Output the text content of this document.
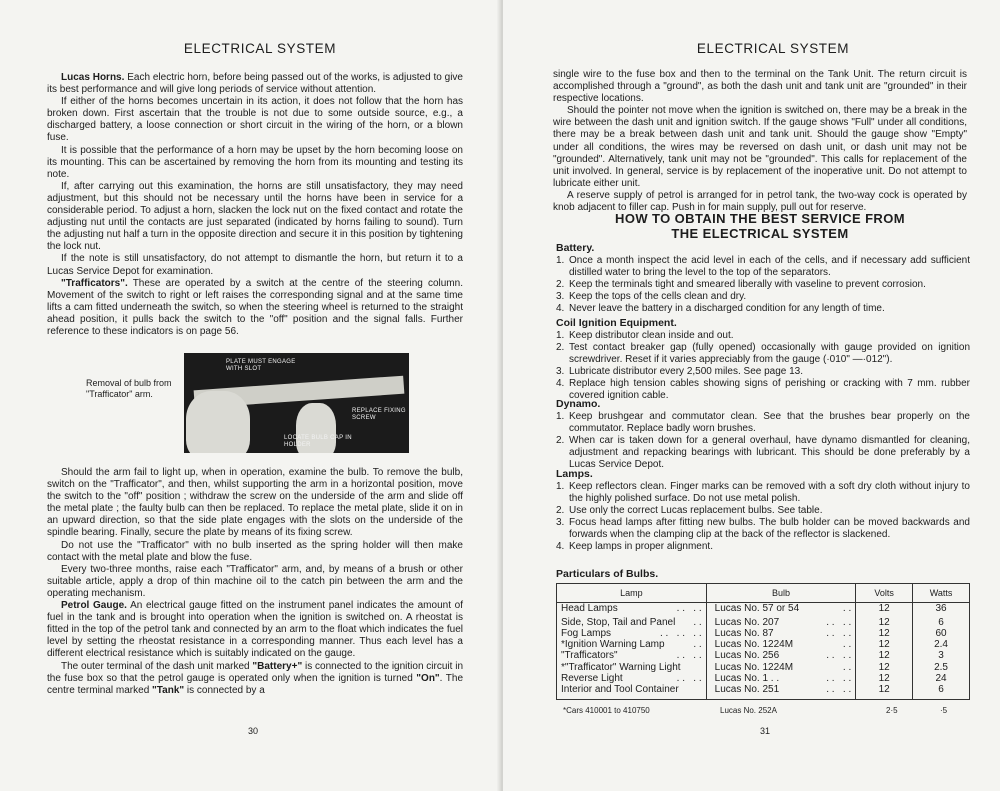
ELECTRICAL SYSTEM

Lucas Horns. Each electric horn, before being passed out of the works, is adjusted to give its best performance and will give long periods of service without attention.

If either of the horns becomes uncertain in its action, it does not follow that the horn has broken down. First ascertain that the trouble is not due to some outside source, e.g., a discharged battery, a loose connection or short circuit in the wiring of the horn, or a blown fuse.

It is possible that the performance of a horn may be upset by the horn becoming loose on its mounting. This can be ascertained by removing the horn from its mounting and testing its note.

If, after carrying out this examination, the horns are still unsatisfactory, they may need adjustment, but this should not be necessary until the horns have been in service for a considerable period. To adjust a horn, slacken the lock nut on the fixed contact and rotate the adjusting nut until the contacts are just separated (indicated by horns failing to sound). Turn the adjusting nut half a turn in the opposite direction and secure it in this position by tightening the lock nut.

If the note is still unsatisfactory, do not attempt to dismantle the horn, but return it to a Lucas Service Depot for examination.

"Trafficators". These are operated by a switch at the centre of the steering column. Movement of the switch to right or left raises the corresponding signal and at the same time lifts a cam fitted underneath the switch, so when the steering wheel is returned to the straight ahead position, it pulls back the switch to the "off" position and the signal falls. Further reference to these indicators is on page 56.

Removal of bulb from "Trafficator" arm.
PLATE MUST ENGAGE WITH SLOT
REPLACE FIXING SCREW
LOCATE BULB CAP IN HOLDER

Should the arm fail to light up, when in operation, examine the bulb. To remove the bulb, switch on the "Trafficator", and then, whilst supporting the arm in a horizontal position, move the switch to the "off" position ; withdraw the screw on the underside of the arm and slide off the metal plate ; the faulty bulb can then be replaced. To replace the metal plate, slide it on in an upward direction, so that the side plate engages with the slots on the underside of the spindle bearing. Finally, secure the plate by means of its fixing screw.

Do not use the "Trafficator" with no bulb inserted as the spring holder will then make contact with the metal plate and blow the fuse.

Every two-three months, raise each "Trafficator" arm, and, by means of a brush or other suitable article, apply a drop of thin machine oil to the catch pin between the arm and the operating mechanism.

Petrol Gauge. An electrical gauge fitted on the instrument panel indicates the amount of fuel in the tank and is brought into operation when the ignition is switched on. A rheostat is fitted in the top of the petrol tank and connected by an arm to the float which indicates the fuel level by setting the rheostat resistance in a corresponding manner. Thus each level has a different electrical resistance which is suitably indicated on the gauge.

The outer terminal of the dash unit marked "Battery+" is connected to the ignition circuit in the fuse box so that the petrol gauge is operated only when the ignition is turned "On". The centre terminal marked "Tank" is connected by a

30
ELECTRICAL SYSTEM

single wire to the fuse box and then to the terminal on the Tank Unit. The return circuit is accomplished through a "ground", as both the dash unit and tank unit are "grounded" in their respective locations.

Should the pointer not move when the ignition is switched on, there may be a break in the wire between the dash unit and ignition switch. If the gauge shows "Full" under all conditions, there may be a break between dash unit and tank unit. Should the gauge show "Empty" under all conditions, the wires may be reversed on dash unit, or dash unit may not be "grounded". Alternatively, tank unit may not be "grounded". This calls for replacement of the unit involved. In general, service is by replacement of the inoperative unit. Do not attempt to lubricate either unit.

A reserve supply of petrol is arranged for in petrol tank, the two-way cock is operated by knob adjacent to filler cap. Push in for main supply, pull out for reserve.

HOW TO OBTAIN THE BEST SERVICE FROM
THE ELECTRICAL SYSTEM
Battery.
1. Once a month inspect the acid level in each of the cells, and if necessary add sufficient distilled water to bring the level to the top of the separators.
2. Keep the terminals tight and smeared liberally with vaseline to prevent corrosion.
3. Keep the tops of the cells clean and dry.
4. Never leave the battery in a discharged condition for any length of time.
Coil Ignition Equipment.
1. Keep distributor clean inside and out.
2. Test contact breaker gap (fully opened) occasionally with gauge provided on ignition screwdriver. Reset if it varies appreciably from the gauge (·010" —·012").
3. Lubricate distributor every 2,500 miles. See page 13.
4. Replace high tension cables showing signs of perishing or cracking with 7 mm. rubber covered ignition cable.
Dynamo.
1. Keep brushgear and commutator clean. See that the brushes bear properly on the commutator. Replace badly worn brushes.
2. When car is taken down for a general overhaul, have dynamo dismantled for cleaning, adjustment and repacking bearings with lubricant. This should be done preferably by a Lucas Service Depot.
Lamps.
1. Keep reflectors clean. Finger marks can be removed with a soft dry cloth without injury to the highly polished surface. Do not use metal polish.
2. Use only the correct Lucas replacement bulbs. See table.
3. Focus head lamps after fitting new bulbs. The bulb holder can be moved backwards and forwards when the clamping clip at the back of the reflector is slackened.
4. Keep lamps in proper alignment.
Particulars of Bulbs.
Lamp	Bulb	Volts	Watts
Head Lamps . .   . .	Lucas No. 57 or 54 . .	12	36
Side, Stop, Tail and Panel . .	Lucas No. 207 . .   . .	12	6
Fog Lamps . .   . .   . .	Lucas No. 87 . .   . .	12	60
*Ignition Warning Lamp . .	Lucas No. 1224M . .	12	2.4
"Trafficators" . .   . .	Lucas No. 256 . .   . .	12	3
*"Trafficator" Warning Light	Lucas No. 1224M . .	12	2.5
Reverse Light . .   . .	Lucas No. 1 . . . .   . .	12	24
Interior and Tool Container	Lucas No. 251 . .   . .	12	6
*Cars 410001 to 410750	Lucas No. 252A	2·5	·5
31
